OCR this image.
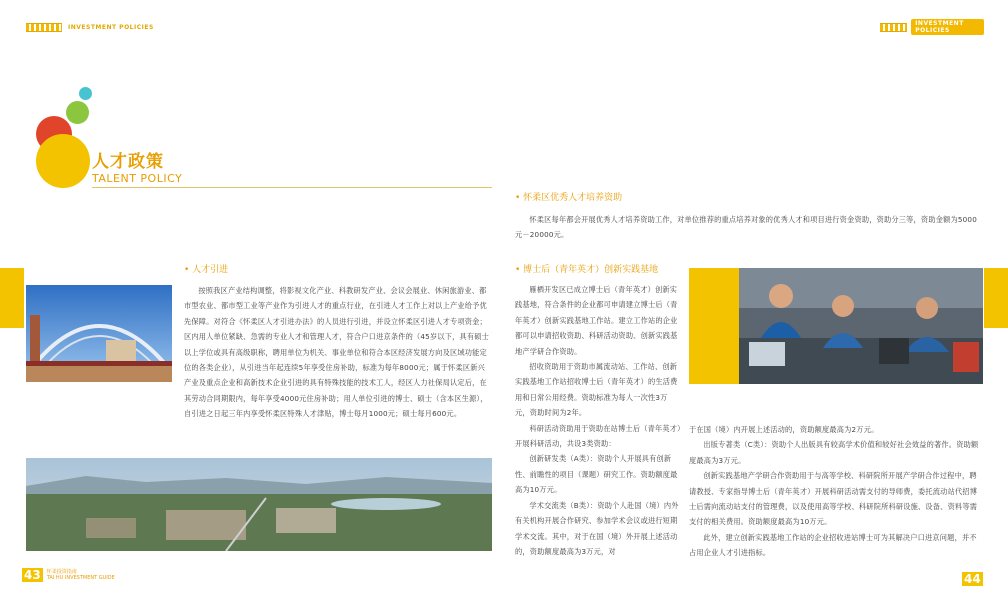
INVESTMENT POLICIES	INVESTMENT POLICIES
人才政策
TALENT POLICY
• 人才引进
按照我区产业结构调整，将影视文化产业、科教研发产业、会议会展业、休闲旅游业、都市型农业、都市型工业等产业作为引进人才的重点行业，在引进人才工作上对以上产业给予优先保障。对符合《怀柔区人才引进办法》的人员进行引进，并设立怀柔区引进人才专项资金；区内用人单位紧缺、急需的专业人才和管理人才，符合户口进京条件的（45岁以下，具有硕士以上学位或具有高级职称，聘用单位为机关、事业单位和符合本区经济发展方向及区域功能定位的各类企业），从引进当年起连续5年享受住房补助，标准为每年8000元；属于怀柔区新兴产业及重点企业和高新技术企业引进的具有特殊技能的技术工人，经区人力社保局认定后，在其劳动合同期限内，每年享受4000元住房补助；用人单位引进的博士、硕士（含本区生源），自引进之日起三年内享受怀柔区特殊人才津贴，博士每月1000元；硕士每月600元。
• 怀柔区优秀人才培养资助
怀柔区每年都会开展优秀人才培养资助工作，对单位推荐的重点培养对象的优秀人才和项目进行资金资助，资助分三等，资助金额为5000元－20000元。
• 博士后（青年英才）创新实践基地

雁栖开发区已成立博士后（青年英才）创新实践基地，符合条件的企业都可申请建立博士后（青年英才）创新实践基地工作站。建立工作站的企业都可以申请招收资助、科研活动资助、创新实践基地产学研合作资助。

招收资助用于资助市属流动站、工作站、创新实践基地工作站招收博士后（青年英才）的生活费用和日常公用经费。资助标准为每人一次性3万元，资助时间为2年。

科研活动资助用于资助在站博士后（青年英才）开展科研活动，共设3类资助：

创新研发类（A类）：资助个人开展具有创新性、前瞻性的项目（课题）研究工作。资助额度最高为10万元。

学术交流类（B类）：资助个人赴国（境）内外有关机构开展合作研究、参加学术会议或进行短期学术交流。其中，对于在国（境）外开展上述活动的，资助额度最高为3万元，对

于在国（境）内开展上述活动的，资助额度最高为2万元。

出版专著类（C类）：资助个人出版具有较高学术价值和较好社会效益的著作。资助额度最高为3万元。

创新实践基地产学研合作资助用于与高等学校、科研院所开展产学研合作过程中，聘请教授、专家指导博士后（青年英才）开展科研活动需支付的导师费，委托流动站代招博士后需向流动站支付的管理费，以及使用高等学校、科研院所科研设施、设备、资料等需支付的相关费用。资助额度最高为10万元。

此外，建立创新实践基地工作站的企业招收进站博士可为其解决户口进京问题，并不占用企业人才引进指标。

43	怀柔投资指南
TAI HU INVESTMENT GUIDE	44
